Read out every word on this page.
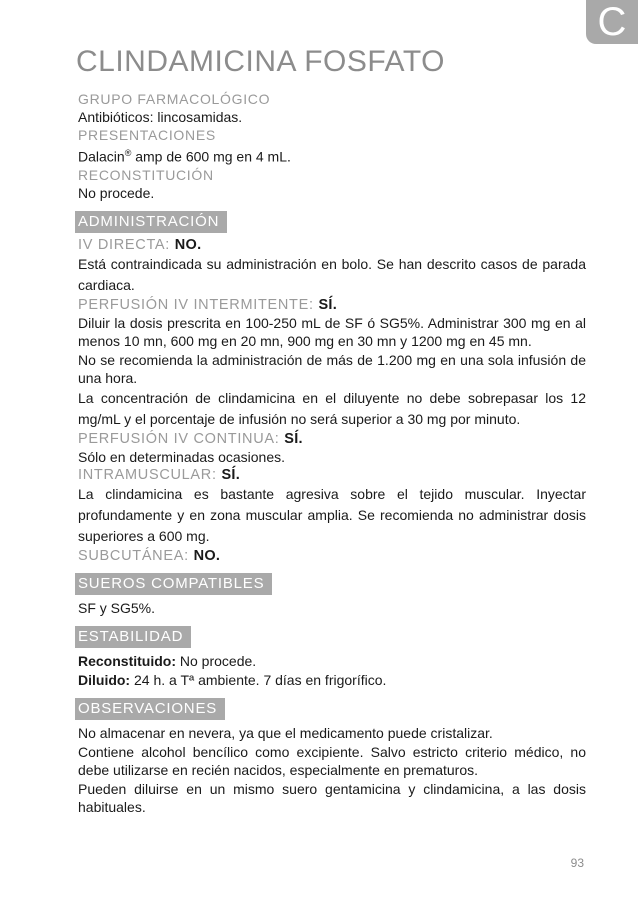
C
CLINDAMICINA FOSFATO

GRUPO FARMACOLÓGICO

Antibióticos: lincosamidas.

PRESENTACIONES

Dalacin® amp de 600 mg en 4 mL.

RECONSTITUCIÓN

No procede.

ADMINISTRACIÓN

IV DIRECTA: NO.

Está contraindicada su administración en bolo. Se han descrito casos de parada cardiaca.

PERFUSIÓN IV INTERMITENTE: SÍ.

Diluir la dosis prescrita en 100-250 mL de SF ó SG5%. Administrar 300 mg en al menos 10 mn, 600 mg en 20 mn, 900 mg en 30 mn y 1200 mg en 45 mn.

No se recomienda la administración de más de 1.200 mg en una sola infusión de una hora.

La concentración de clindamicina en el diluyente no debe sobrepasar los 12 mg/mL y el porcentaje de infusión no será superior a 30 mg por minuto.

PERFUSIÓN IV CONTINUA: SÍ.

Sólo en determinadas ocasiones.

INTRAMUSCULAR: SÍ.

La clindamicina es bastante agresiva sobre el tejido muscular. Inyectar profundamente y en zona muscular amplia. Se recomienda no administrar dosis superiores a 600 mg.

SUBCUTÁNEA: NO.

SUEROS COMPATIBLES

SF y SG5%.

ESTABILIDAD

Reconstituido: No procede.

Diluido: 24 h. a Tª ambiente. 7 días en frigorífico.

OBSERVACIONES

No almacenar en nevera, ya que el medicamento puede cristalizar.

Contiene alcohol bencílico como excipiente. Salvo estricto criterio médico, no debe utilizarse en recién nacidos, especialmente en prematuros.

Pueden diluirse en un mismo suero gentamicina y clindamicina, a las dosis habituales.

93
